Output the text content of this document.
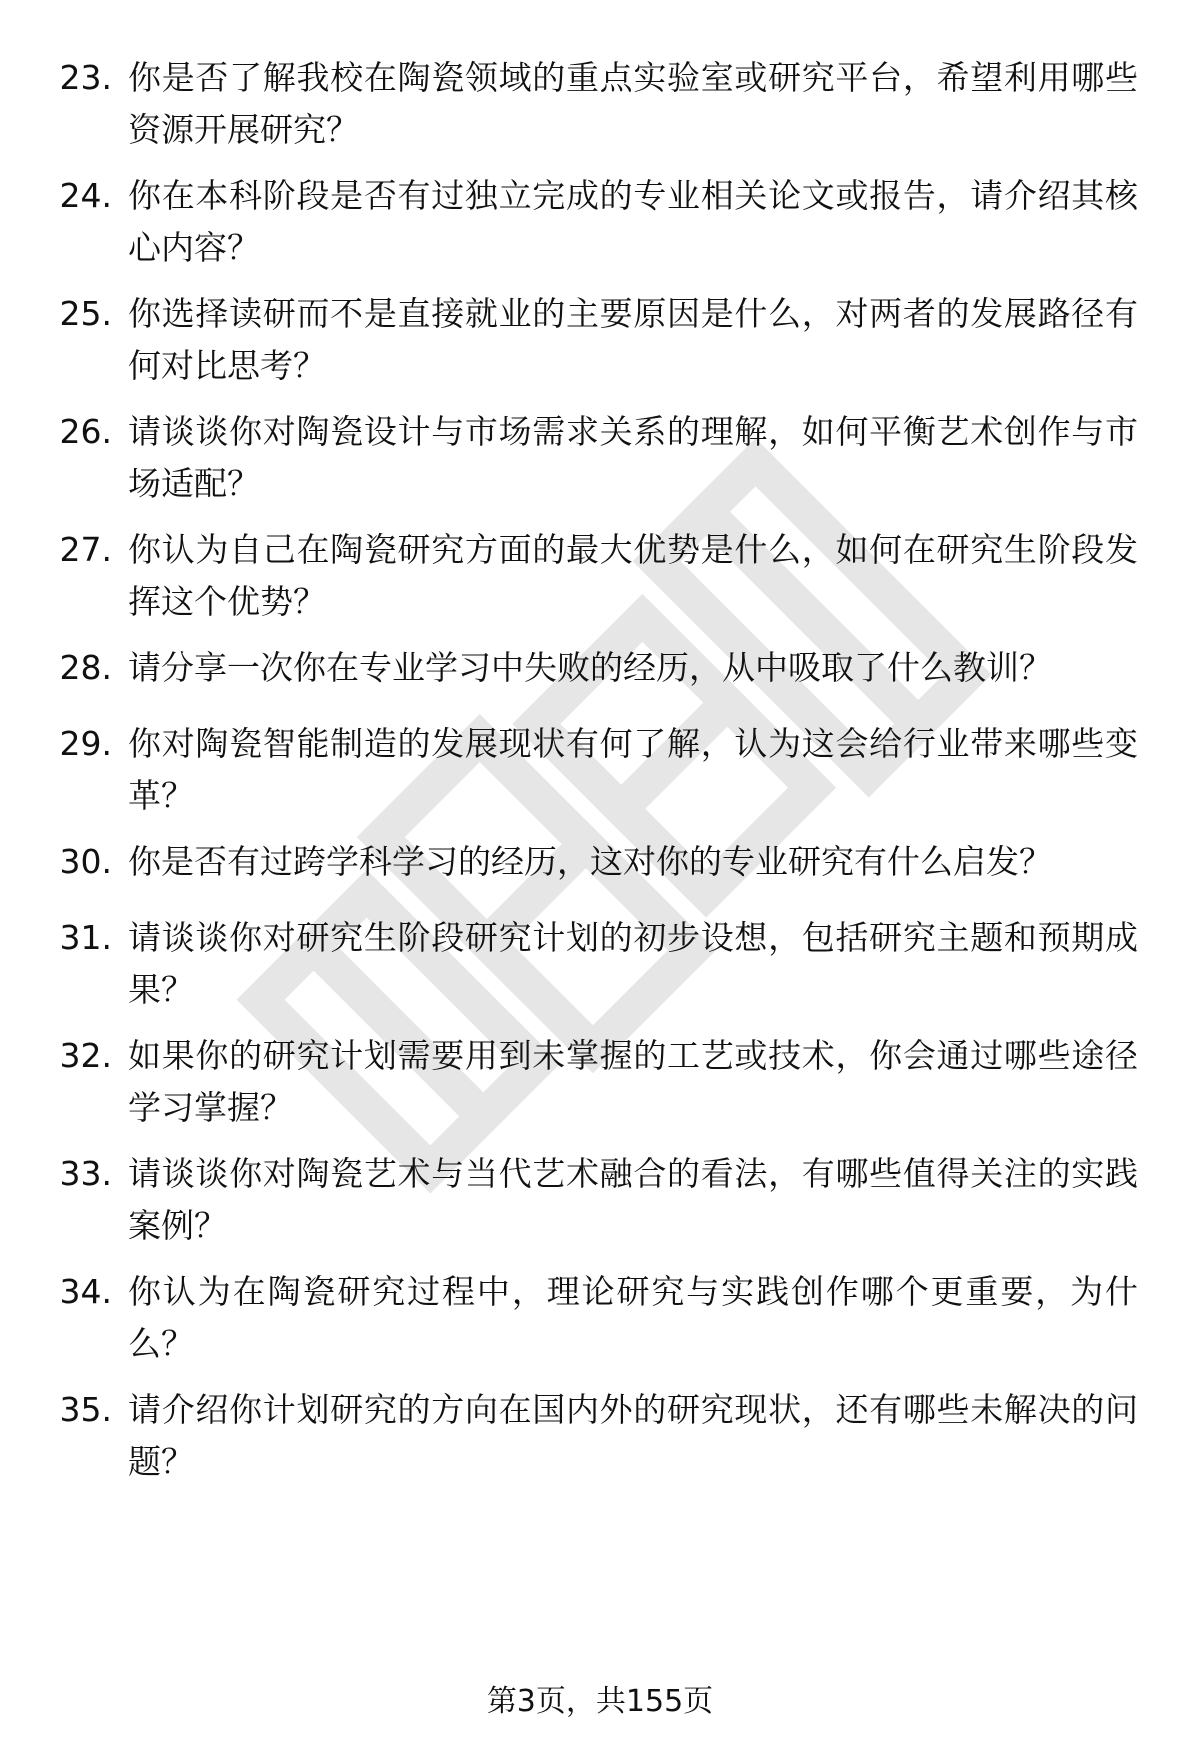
23. 你是否了解我校在陶瓷领域的重点实验室或研究平台，希望利用哪些资源开展研究？
24. 你在本科阶段是否有过独立完成的专业相关论文或报告，请介绍其核心内容？
25. 你选择读研而不是直接就业的主要原因是什么，对两者的发展路径有何对比思考？
26. 请谈谈你对陶瓷设计与市场需求关系的理解，如何平衡艺术创作与市场适配？
27. 你认为自己在陶瓷研究方面的最大优势是什么，如何在研究生阶段发挥这个优势？
28. 请分享一次你在专业学习中失败的经历，从中吸取了什么教训？
29. 你对陶瓷智能制造的发展现状有何了解，认为这会给行业带来哪些变革？
30. 你是否有过跨学科学习的经历，这对你的专业研究有什么启发？
31. 请谈谈你对研究生阶段研究计划的初步设想，包括研究主题和预期成果？
32. 如果你的研究计划需要用到未掌握的工艺或技术，你会通过哪些途径学习掌握？
33. 请谈谈你对陶瓷艺术与当代艺术融合的看法，有哪些值得关注的实践案例？
34. 你认为在陶瓷研究过程中，理论研究与实践创作哪个更重要，为什么？
35. 请介绍你计划研究的方向在国内外的研究现状，还有哪些未解决的问题？
第3页，共155页
